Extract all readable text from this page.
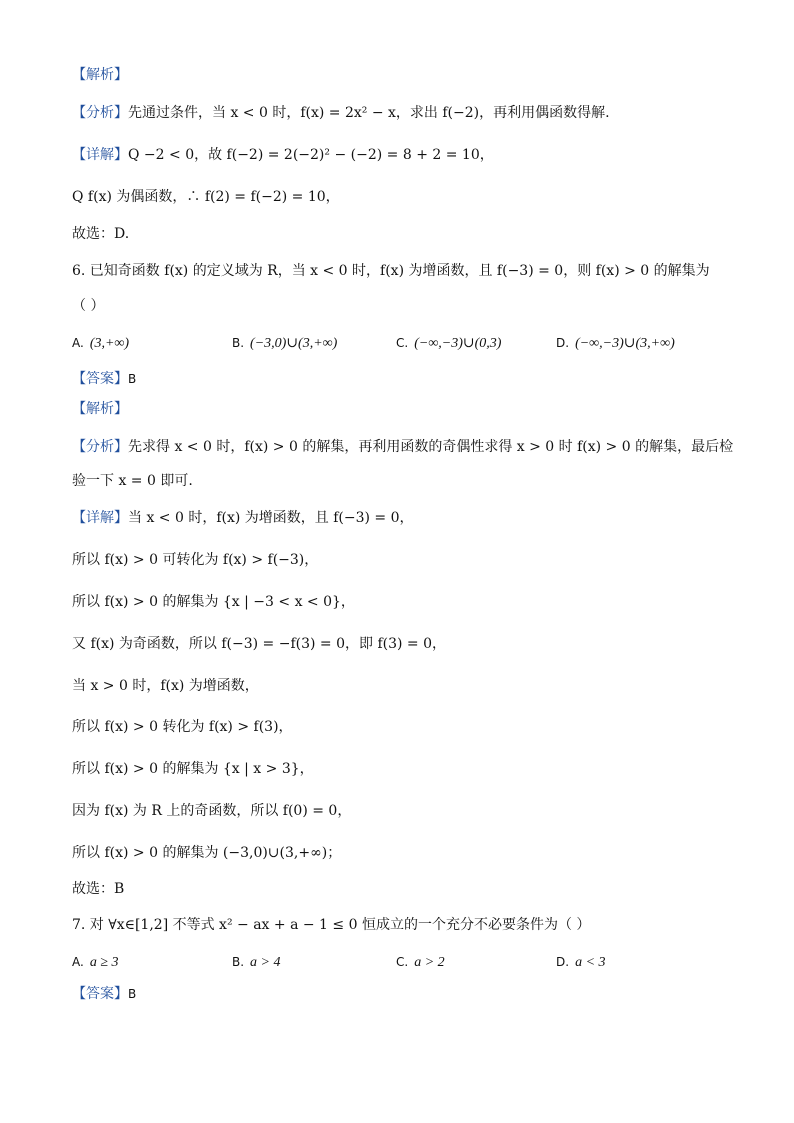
【解析】
【分析】先通过条件，当 x < 0 时，f(x) = 2x² − x，求出 f(−2)，再利用偶函数得解.
【详解】Q −2 < 0，故 f(−2) = 2(−2)² − (−2) = 8 + 2 = 10，
Q f(x) 为偶函数，∴ f(2) = f(−2) = 10，
故选：D.
6. 已知奇函数 f(x) 的定义域为 R，当 x < 0 时，f(x) 为增函数，且 f(−3) = 0，则 f(x) > 0 的解集为
（ ）
A. (3,+∞)	B. (−3,0)∪(3,+∞)	C. (−∞,−3)∪(0,3)	D. (−∞,−3)∪(3,+∞)
【答案】B
【解析】
【分析】先求得 x < 0 时，f(x) > 0 的解集，再利用函数的奇偶性求得 x > 0 时 f(x) > 0 的解集，最后检
验一下 x = 0 即可.
【详解】当 x < 0 时，f(x) 为增函数，且 f(−3) = 0，
所以 f(x) > 0 可转化为 f(x) > f(−3)，
所以 f(x) > 0 的解集为 {x | −3 < x < 0}，
又 f(x) 为奇函数，所以 f(−3) = −f(3) = 0，即 f(3) = 0，
当 x > 0 时，f(x) 为增函数，
所以 f(x) > 0 转化为 f(x) > f(3)，
所以 f(x) > 0 的解集为 {x | x > 3}，
因为 f(x) 为 R 上的奇函数，所以 f(0) = 0，
所以 f(x) > 0 的解集为 (−3,0)∪(3,+∞)；
故选：B
7. 对 ∀x∈[1,2] 不等式 x² − ax + a − 1 ≤ 0 恒成立的一个充分不必要条件为（ ）
A. a ≥ 3	B. a > 4	C. a > 2	D. a < 3
【答案】B
